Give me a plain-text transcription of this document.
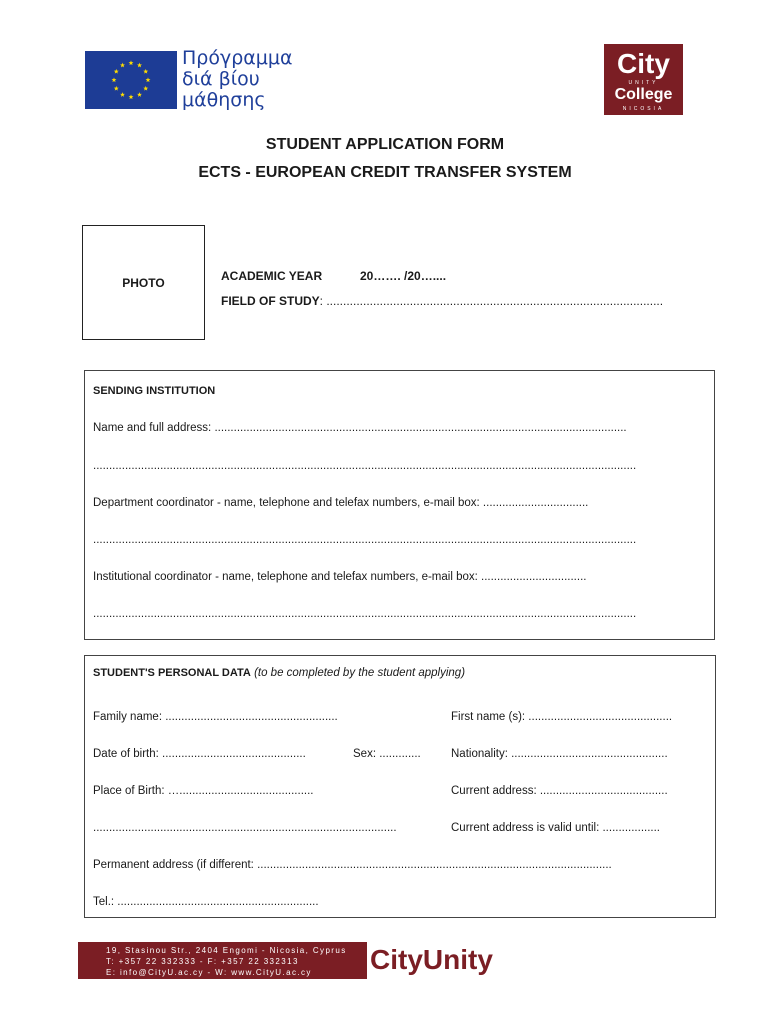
Πρόγραμμα
διά βίου
μάθησης
City
UNITY
College
NICOSIA
STUDENT APPLICATION FORM
ECTS - EUROPEAN CREDIT TRANSFER SYSTEM
PHOTO	ACADEMIC YEAR	20……. /20…....
FIELD OF STUDY: .....................................................................................................
SENDING INSTITUTION
Name and full address: .................................................................................................................................
..........................................................................................................................................................................
Department coordinator - name, telephone and telefax numbers, e-mail box: .................................
..........................................................................................................................................................................
Institutional coordinator - name, telephone and telefax numbers, e-mail box: .................................
..........................................................................................................................................................................
STUDENT'S PERSONAL DATA (to be completed by the student applying)
Family name: ......................................................	First name (s): .............................................
Date of birth: .............................................	Sex: .............	Nationality: .................................................
Place of Birth: …..........................................	Current address: ........................................
...............................................................................................	Current address is valid until: ..................
Permanent address (if different: ...............................................................................................................
Tel.: ...............................................................
19, Stasinou Str., 2404 Engomi - Nicosia, Cyprus
T: +357 22 332333 - F: +357 22 332313
E: info@CityU.ac.cy - W: www.CityU.ac.cy	CityUnity
